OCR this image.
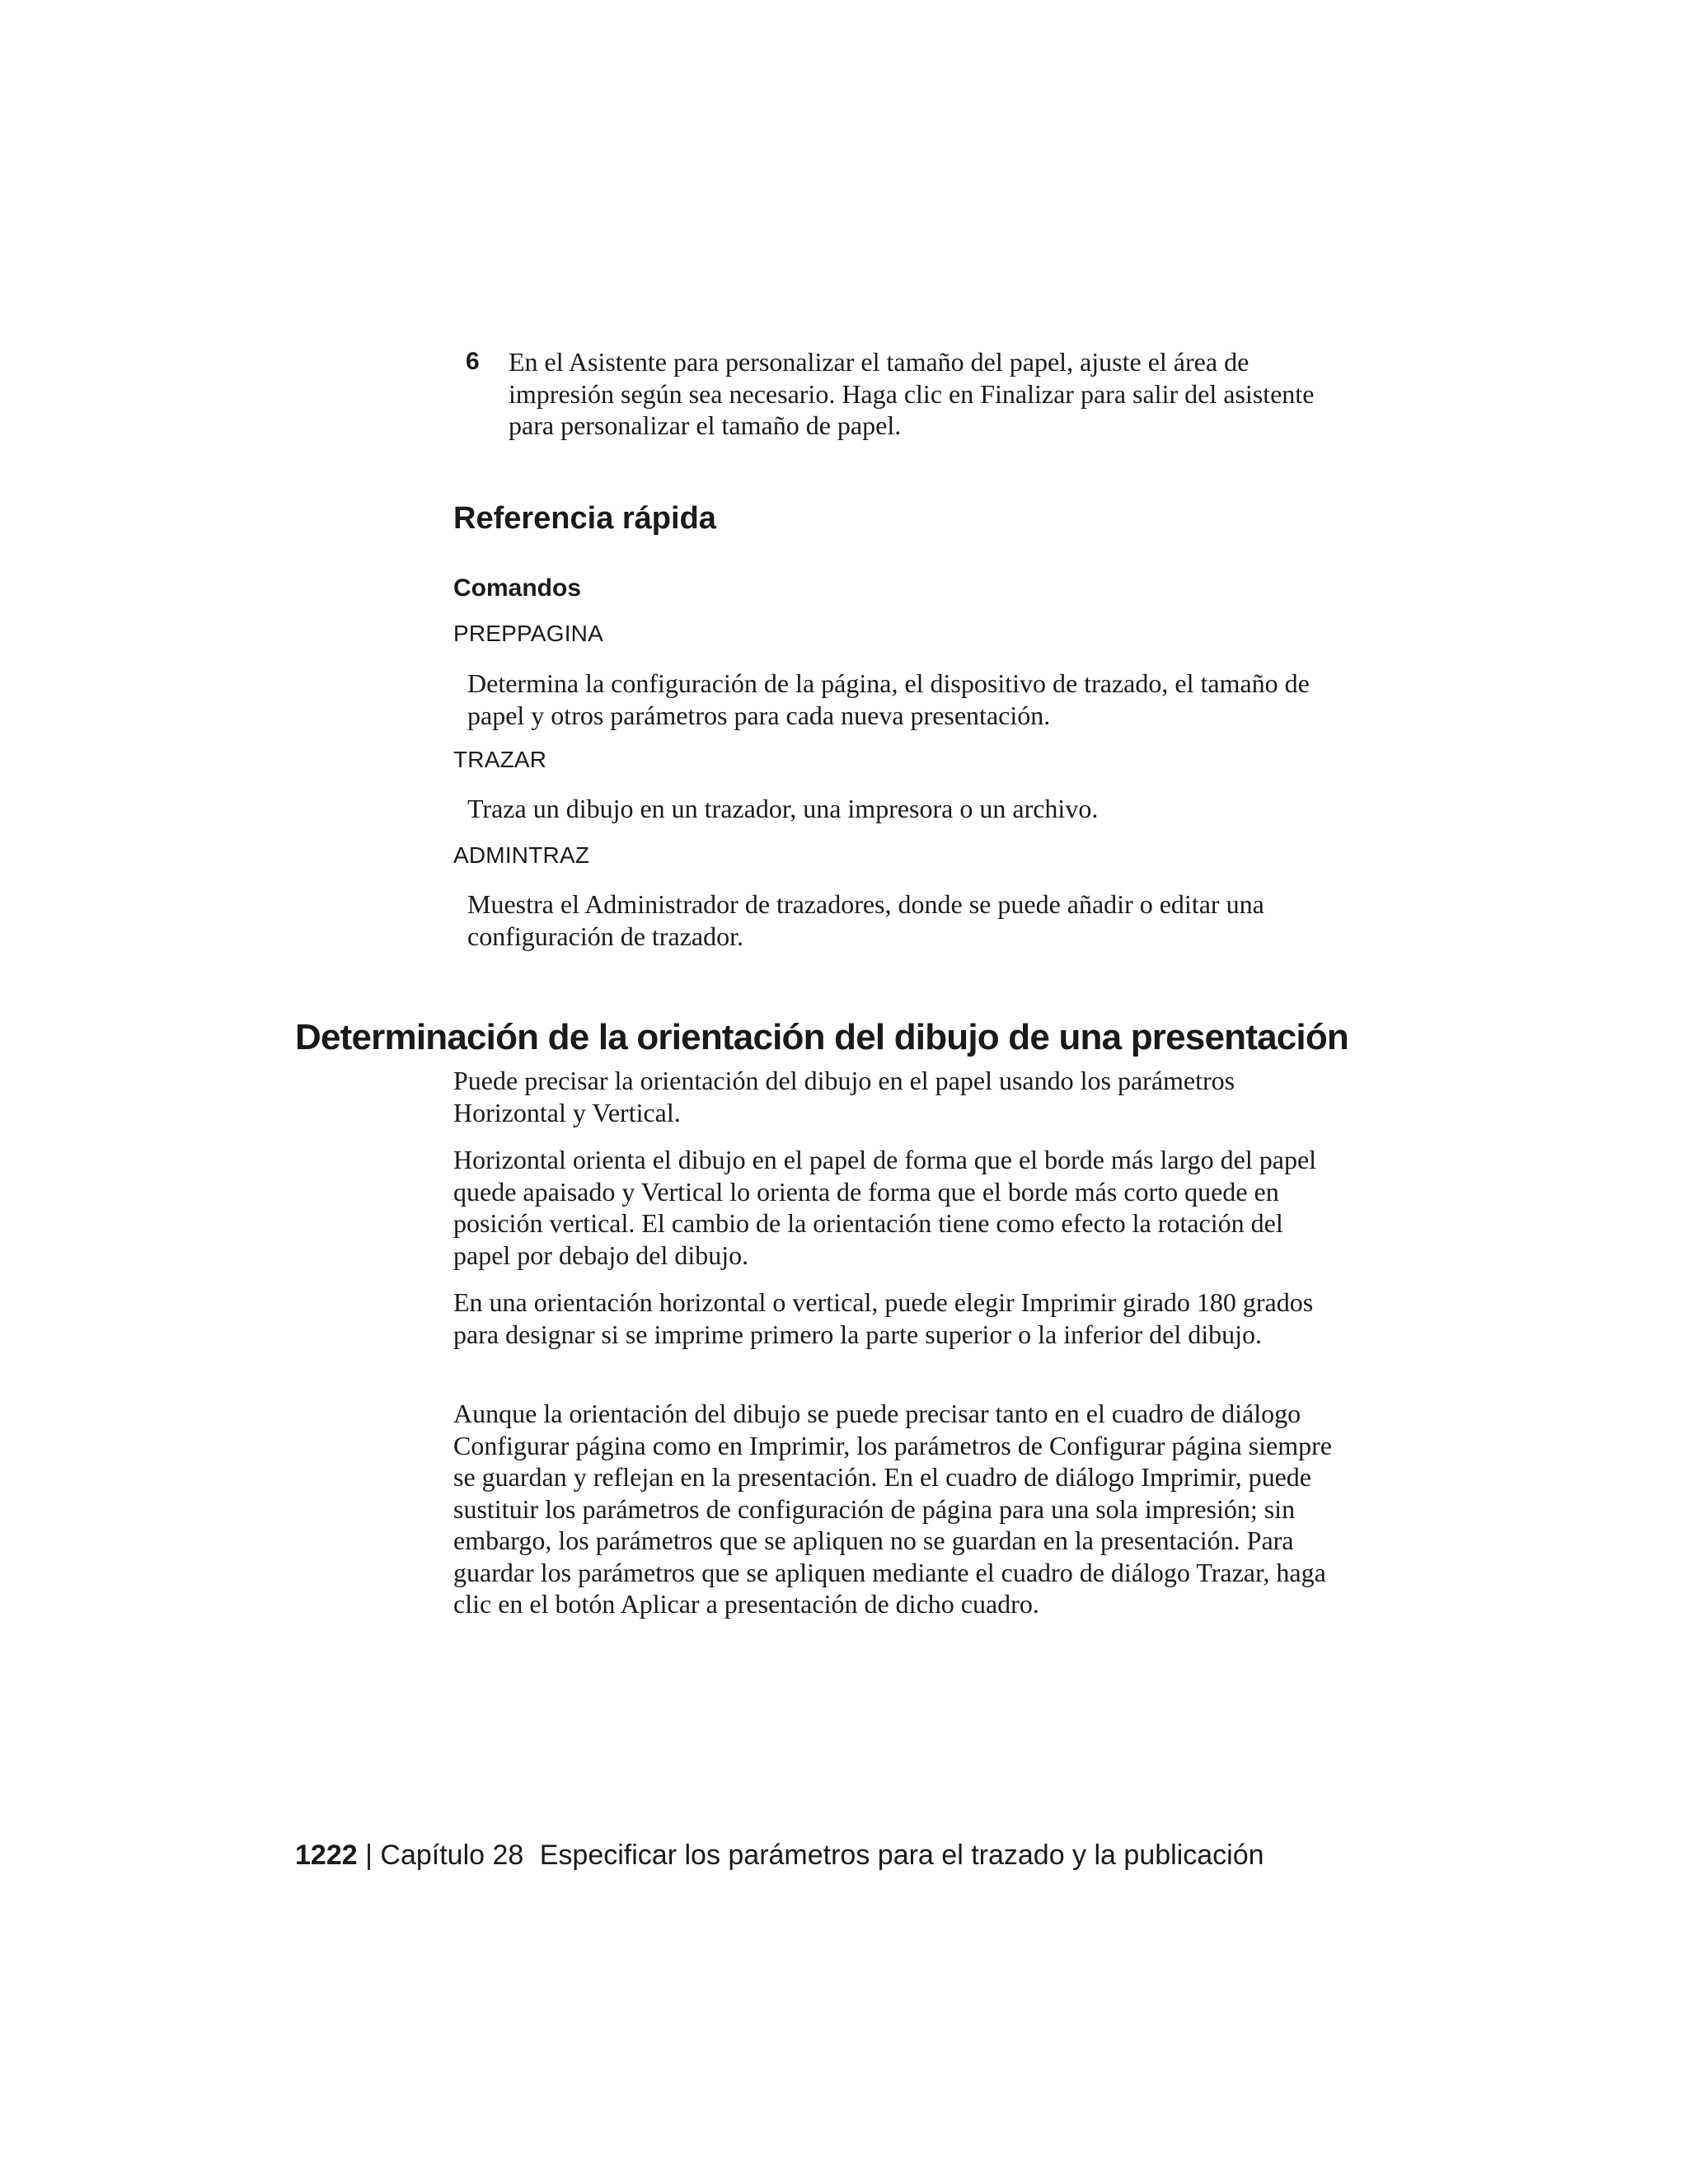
6 En el Asistente para personalizar el tamaño del papel, ajuste el área de impresión según sea necesario. Haga clic en Finalizar para salir del asistente para personalizar el tamaño de papel.
Referencia rápida
Comandos
PREPPAGINA
Determina la configuración de la página, el dispositivo de trazado, el tamaño de papel y otros parámetros para cada nueva presentación.
TRAZAR
Traza un dibujo en un trazador, una impresora o un archivo.
ADMINTRAZ
Muestra el Administrador de trazadores, donde se puede añadir o editar una configuración de trazador.
Determinación de la orientación del dibujo de una presentación

Puede precisar la orientación del dibujo en el papel usando los parámetros Horizontal y Vertical.

Horizontal orienta el dibujo en el papel de forma que el borde más largo del papel quede apaisado y Vertical lo orienta de forma que el borde más corto quede en posición vertical. El cambio de la orientación tiene como efecto la rotación del papel por debajo del dibujo.

En una orientación horizontal o vertical, puede elegir Imprimir girado 180 grados para designar si se imprime primero la parte superior o la inferior del dibujo.

Aunque la orientación del dibujo se puede precisar tanto en el cuadro de diálogo Configurar página como en Imprimir, los parámetros de Configurar página siempre se guardan y reflejan en la presentación. En el cuadro de diálogo Imprimir, puede sustituir los parámetros de configuración de página para una sola impresión; sin embargo, los parámetros que se apliquen no se guardan en la presentación. Para guardar los parámetros que se apliquen mediante el cuadro de diálogo Trazar, haga clic en el botón Aplicar a presentación de dicho cuadro.

1222 | Capítulo 28 Especificar los parámetros para el trazado y la publicación
